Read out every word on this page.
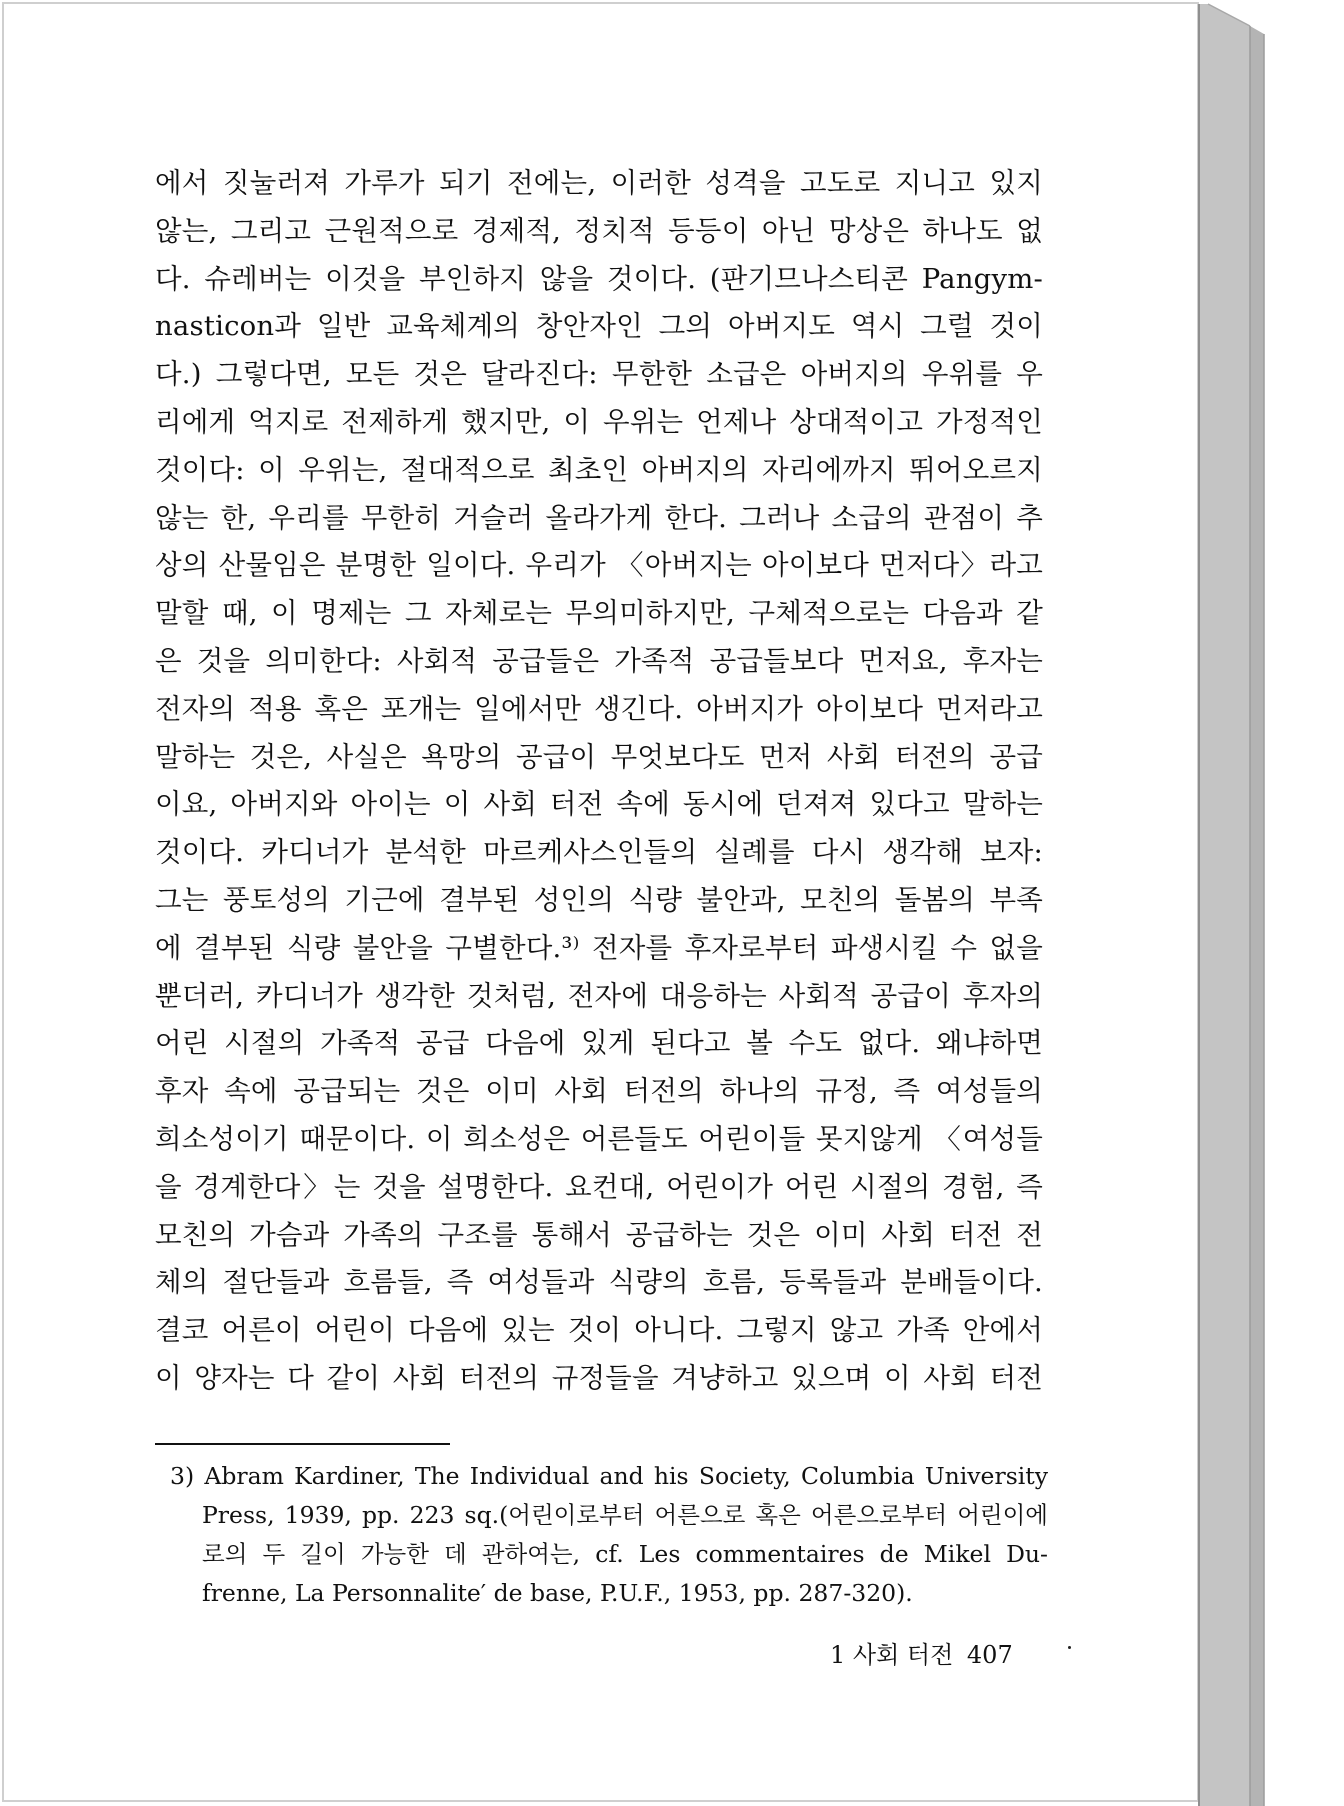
에서 짓눌러져 가루가 되기 전에는, 이러한 성격을 고도로 지니고 있지
않는, 그리고 근원적으로 경제적, 정치적 등등이 아닌 망상은 하나도 없
다. 슈레버는 이것을 부인하지 않을 것이다. (판기므나스티콘 Pangym-
nasticon과 일반 교육체계의 창안자인 그의 아버지도 역시 그럴 것이
다.) 그렇다면, 모든 것은 달라진다: 무한한 소급은 아버지의 우위를 우
리에게 억지로 전제하게 했지만, 이 우위는 언제나 상대적이고 가정적인
것이다: 이 우위는, 절대적으로 최초인 아버지의 자리에까지 뛰어오르지
않는 한, 우리를 무한히 거슬러 올라가게 한다. 그러나 소급의 관점이 추
상의 산물임은 분명한 일이다. 우리가 〈아버지는 아이보다 먼저다〉라고
말할 때, 이 명제는 그 자체로는 무의미하지만, 구체적으로는 다음과 같
은 것을 의미한다: 사회적 공급들은 가족적 공급들보다 먼저요, 후자는
전자의 적용 혹은 포개는 일에서만 생긴다. 아버지가 아이보다 먼저라고
말하는 것은, 사실은 욕망의 공급이 무엇보다도 먼저 사회 터전의 공급
이요, 아버지와 아이는 이 사회 터전 속에 동시에 던져져 있다고 말하는
것이다. 카디너가 분석한 마르케사스인들의 실례를 다시 생각해 보자:
그는 풍토성의 기근에 결부된 성인의 식량 불안과, 모친의 돌봄의 부족
에 결부된 식량 불안을 구별한다.³⁾ 전자를 후자로부터 파생시킬 수 없을
뿐더러, 카디너가 생각한 것처럼, 전자에 대응하는 사회적 공급이 후자의
어린 시절의 가족적 공급 다음에 있게 된다고 볼 수도 없다. 왜냐하면
후자 속에 공급되는 것은 이미 사회 터전의 하나의 규정, 즉 여성들의
희소성이기 때문이다. 이 희소성은 어른들도 어린이들 못지않게 〈여성들
을 경계한다〉는 것을 설명한다. 요컨대, 어린이가 어린 시절의 경험, 즉
모친의 가슴과 가족의 구조를 통해서 공급하는 것은 이미 사회 터전 전
체의 절단들과 흐름들, 즉 여성들과 식량의 흐름, 등록들과 분배들이다.
결코 어른이 어린이 다음에 있는 것이 아니다. 그렇지 않고 가족 안에서
이 양자는 다 같이 사회 터전의 규정들을 겨냥하고 있으며 이 사회 터전
3) Abram Kardiner, The Individual and his Society, Columbia University
Press, 1939, pp. 223 sq.(어린이로부터 어른으로 혹은 어른으로부터 어린이에
로의 두 길이 가능한 데 관하여는, cf. Les commentaires de Mikel Du-
frenne, La Personnalite′ de base, P.U.F., 1953, pp. 287-320).
1 사회 터전 407
